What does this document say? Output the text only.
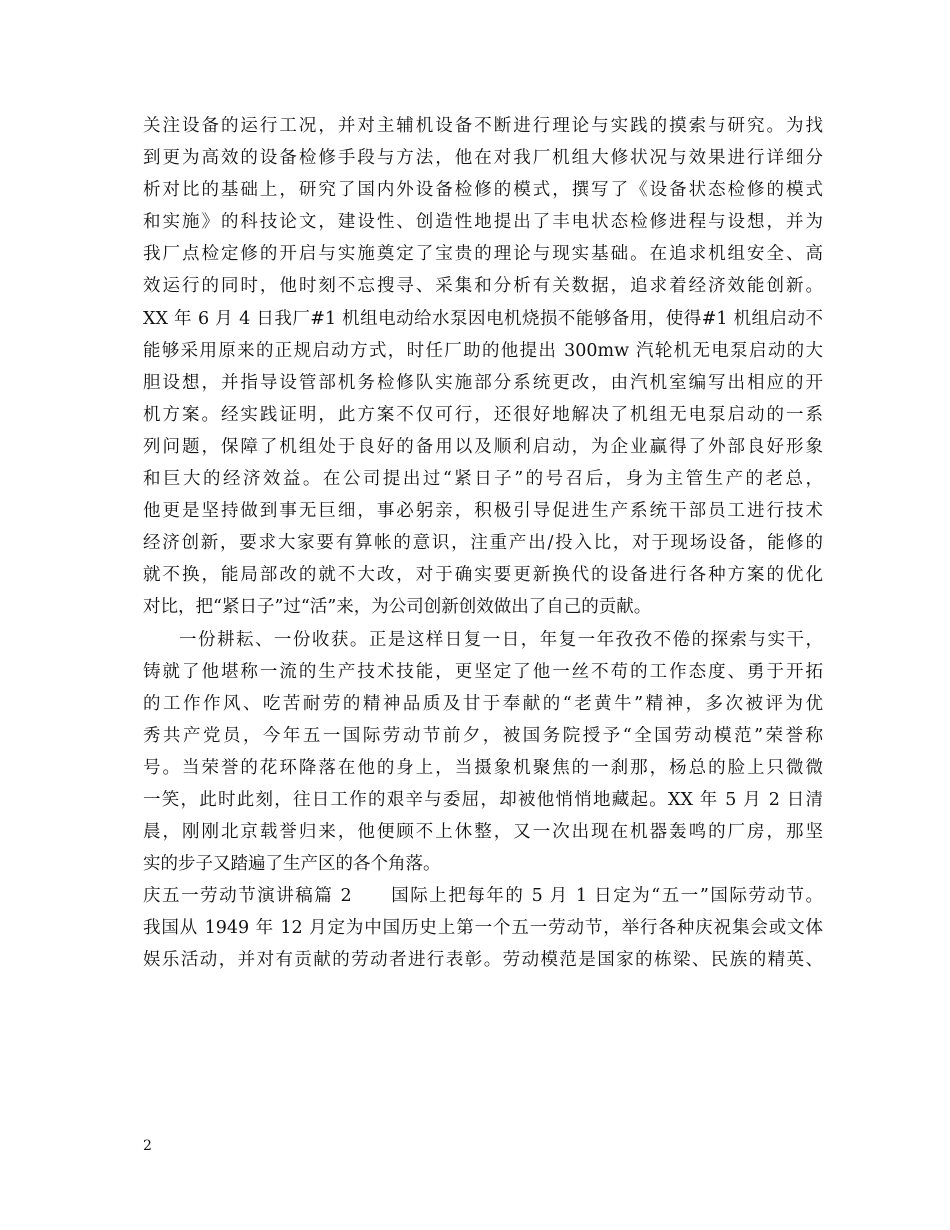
关注设备的运行工况，并对主辅机设备不断进行理论与实践的摸索与研究。为找
到更为高效的设备检修手段与方法，他在对我厂机组大修状况与效果进行详细分
析对比的基础上，研究了国内外设备检修的模式，撰写了《设备状态检修的模式
和实施》的科技论文，建设性、创造性地提出了丰电状态检修进程与设想，并为
我厂点检定修的开启与实施奠定了宝贵的理论与现实基础。在追求机组安全、高
效运行的同时，他时刻不忘搜寻、采集和分析有关数据，追求着经济效能创新。
XX 年 6 月 4 日我厂#1 机组电动给水泵因电机烧损不能够备用，使得#1 机组启动不
能够采用原来的正规启动方式，时任厂助的他提出 300mw 汽轮机无电泵启动的大
胆设想，并指导设管部机务检修队实施部分系统更改，由汽机室编写出相应的开
机方案。经实践证明，此方案不仅可行，还很好地解决了机组无电泵启动的一系
列问题，保障了机组处于良好的备用以及顺利启动，为企业赢得了外部良好形象
和巨大的经济效益。在公司提出过“紧日子”的号召后，身为主管生产的老总，
他更是坚持做到事无巨细，事必躬亲，积极引导促进生产系统干部员工进行技术
经济创新，要求大家要有算帐的意识，注重产出/投入比，对于现场设备，能修的
就不换，能局部改的就不大改，对于确实要更新换代的设备进行各种方案的优化
对比，把“紧日子”过“活”来，为公司创新创效做出了自己的贡献。
一份耕耘、一份收获。正是这样日复一日，年复一年孜孜不倦的探索与实干，
铸就了他堪称一流的生产技术技能，更坚定了他一丝不苟的工作态度、勇于开拓
的工作作风、吃苦耐劳的精神品质及甘于奉献的“老黄牛”精神，多次被评为优
秀共产党员，今年五一国际劳动节前夕，被国务院授予“全国劳动模范”荣誉称
号。当荣誉的花环降落在他的身上，当摄象机聚焦的一刹那，杨总的脸上只微微
一笑，此时此刻，往日工作的艰辛与委屈，却被他悄悄地藏起。XX 年 5 月 2 日清
晨，刚刚北京载誉归来，他便顾不上休整，又一次出现在机器轰鸣的厂房，那坚
实的步子又踏遍了生产区的各个角落。
庆五一劳动节演讲稿篇 2　　国际上把每年的 5 月 1 日定为“五一”国际劳动节。
我国从 1949 年 12 月定为中国历史上第一个五一劳动节，举行各种庆祝集会或文体
娱乐活动，并对有贡献的劳动者进行表彰。劳动模范是国家的栋梁、民族的精英、
2
